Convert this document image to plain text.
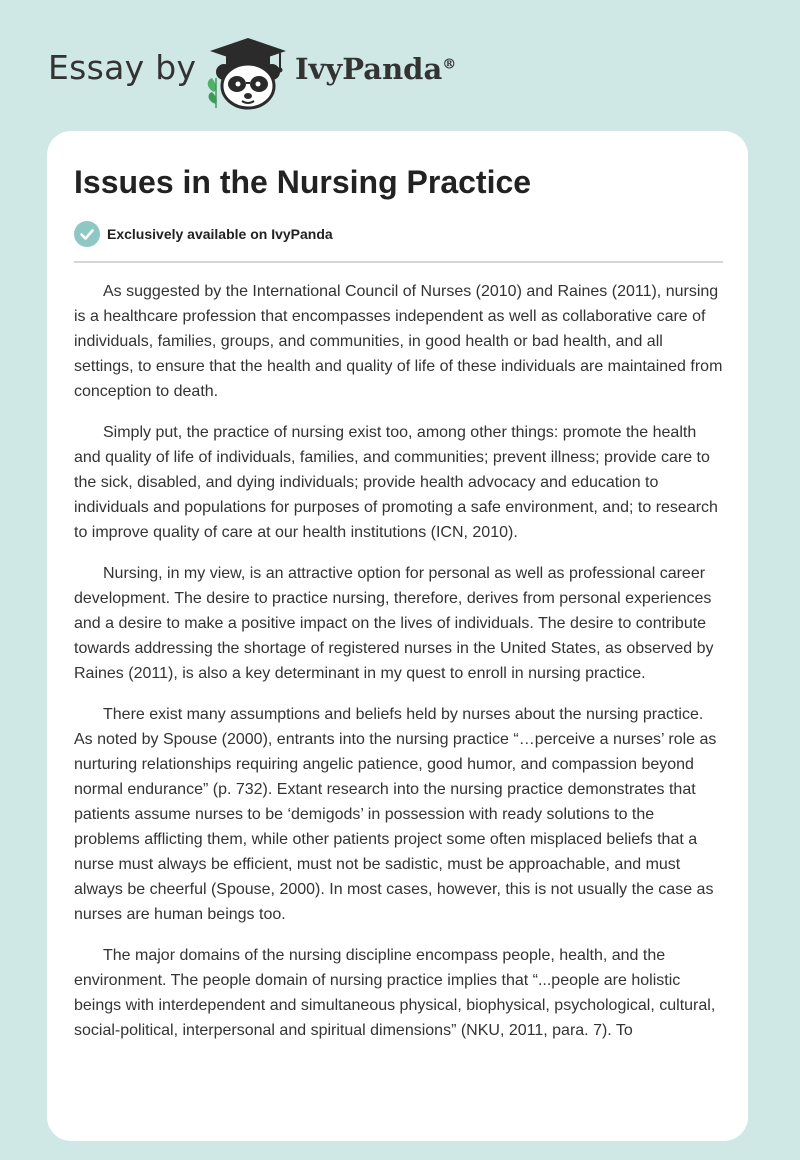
Essay by	IvyPanda®
Issues in the Nursing Practice
Exclusively available on IvyPanda

As suggested by the International Council of Nurses (2010) and Raines (2011), nursing is a healthcare profession that encompasses independent as well as collaborative care of individuals, families, groups, and communities, in good health or bad health, and all settings, to ensure that the health and quality of life of these individuals are maintained from conception to death.

Simply put, the practice of nursing exist too, among other things: promote the health and quality of life of individuals, families, and communities; prevent illness; provide care to the sick, disabled, and dying individuals; provide health advocacy and education to individuals and populations for purposes of promoting a safe environment, and; to research to improve quality of care at our health institutions (ICN, 2010).

Nursing, in my view, is an attractive option for personal as well as professional career development. The desire to practice nursing, therefore, derives from personal experiences and a desire to make a positive impact on the lives of individuals. The desire to contribute towards addressing the shortage of registered nurses in the United States, as observed by Raines (2011), is also a key determinant in my quest to enroll in nursing practice.

There exist many assumptions and beliefs held by nurses about the nursing practice. As noted by Spouse (2000), entrants into the nursing practice “…perceive a nurses’ role as nurturing relationships requiring angelic patience, good humor, and compassion beyond normal endurance” (p. 732). Extant research into the nursing practice demonstrates that patients assume nurses to be ‘demigods’ in possession with ready solutions to the problems afflicting them, while other patients project some often misplaced beliefs that a nurse must always be efficient, must not be sadistic, must be approachable, and must always be cheerful (Spouse, 2000). In most cases, however, this is not usually the case as nurses are human beings too.

The major domains of the nursing discipline encompass people, health, and the environment. The people domain of nursing practice implies that “...people are holistic beings with interdependent and simultaneous physical, biophysical, psychological, cultural, social-political, interpersonal and spiritual dimensions” (NKU, 2011, para. 7). To
